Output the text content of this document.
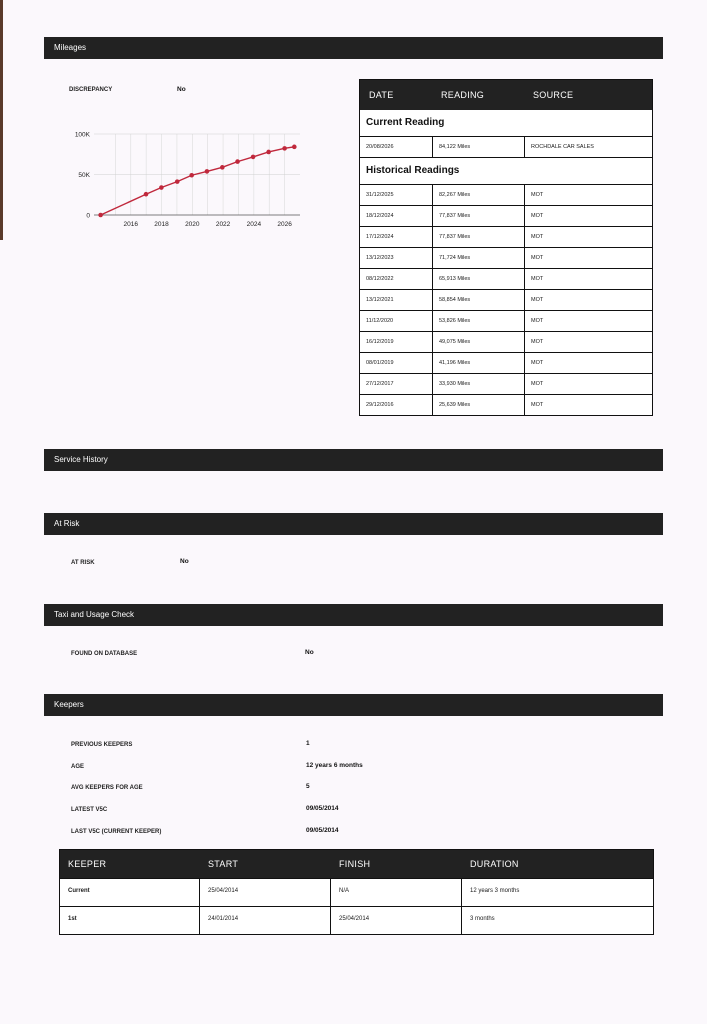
Mileages
DISCREPANCY	No
0
50K
100K
2016	2018	2020	2022	2024	2026
DATE	READING	SOURCE
Current Reading
20/08/2026	84,122 Miles	ROCHDALE CAR SALES
Historical Readings
31/12/2025	82,267 Miles	MOT
18/12/2024	77,837 Miles	MOT
17/12/2024	77,837 Miles	MOT
13/12/2023	71,724 Miles	MOT
08/12/2022	65,913 Miles	MOT
13/12/2021	58,854 Miles	MOT
11/12/2020	53,826 Miles	MOT
16/12/2019	49,075 Miles	MOT
08/01/2019	41,196 Miles	MOT
27/12/2017	33,930 Miles	MOT
29/12/2016	25,639 Miles	MOT
Service History
At Risk
AT RISK	No
Taxi and Usage Check
FOUND ON DATABASE	No
Keepers
PREVIOUS KEEPERS	1
AGE	12 years 6 months
AVG KEEPERS FOR AGE	5
LATEST V5C	09/05/2014
LAST V5C (CURRENT KEEPER)	09/05/2014
KEEPER	START	FINISH	DURATION
Current	25/04/2014	N/A	12 years 3 months
1st	24/01/2014	25/04/2014	3 months
